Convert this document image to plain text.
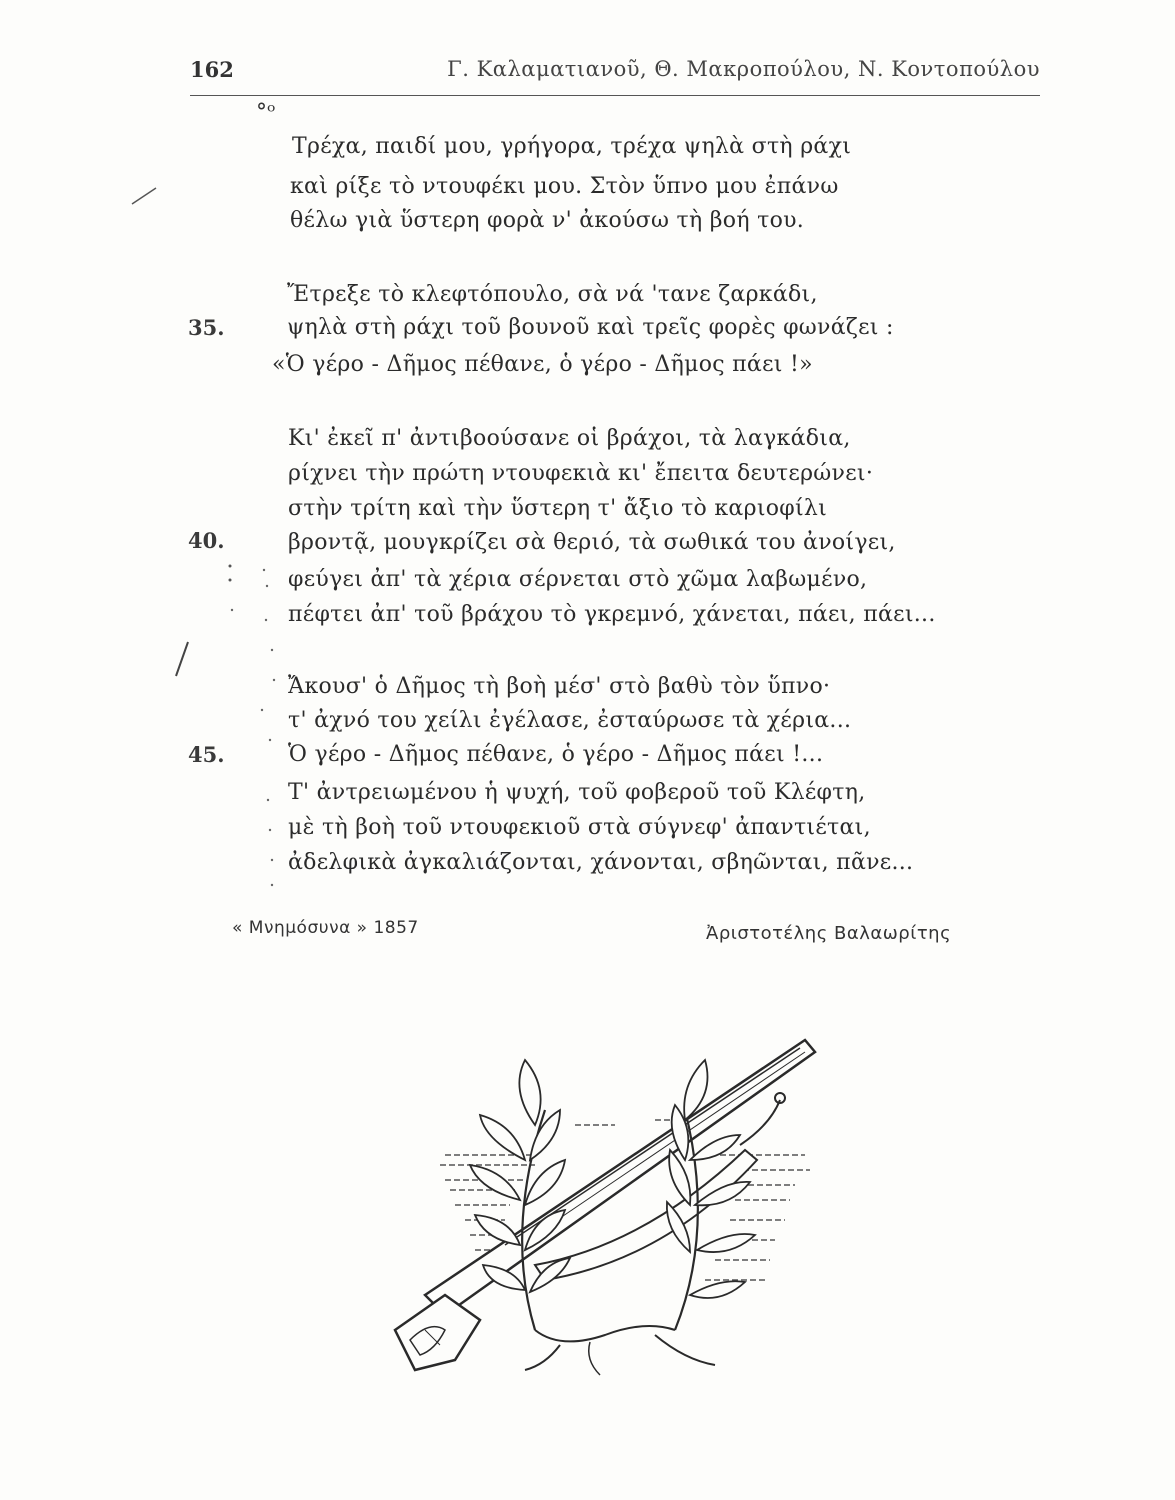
162	Γ. Καλαματιανοῦ, Θ. Μακροπούλου, Ν. Κοντοπούλου
°ᵒ
Τρέχα, παιδί μου, γρήγορα, τρέχα ψηλὰ στὴ ράχι
καὶ ρίξε τὸ ντουφέκι μου. Στὸν ὕπνο μου ἐπάνω
θέλω γιὰ ὕστερη φορὰ ν' ἀκούσω τὴ βοή του.
Ἔτρεξε τὸ κλεφτόπουλο, σὰ νά 'τανε ζαρκάδι,
35.	ψηλὰ στὴ ράχι τοῦ βουνοῦ καὶ τρεῖς φορὲς φωνάζει :
«Ὁ γέρο - Δῆμος πέθανε, ὁ γέρο - Δῆμος πάει !»
Κι' ἐκεῖ π' ἀντιβοούσανε οἱ βράχοι, τὰ λαγκάδια,
ρίχνει τὴν πρώτη ντουφεκιὰ κι' ἔπειτα δευτερώνει·
στὴν τρίτη καὶ τὴν ὕστερη τ' ἄξιο τὸ καριοφίλι
40.	βροντᾷ, μουγκρίζει σὰ θεριό, τὰ σωθικά του ἀνοίγει,
φεύγει ἀπ' τὰ χέρια σέρνεται στὸ χῶμα λαβωμένο,
πέφτει ἀπ' τοῦ βράχου τὸ γκρεμνό, χάνεται, πάει, πάει...
Ἄκουσ' ὁ Δῆμος τὴ βοὴ μέσ' στὸ βαθὺ τὸν ὕπνο·
τ' ἀχνό του χείλι ἐγέλασε, ἐσταύρωσε τὰ χέρια...
45.	Ὁ γέρο - Δῆμος πέθανε, ὁ γέρο - Δῆμος πάει !...
Τ' ἀντρειωμένου ἡ ψυχή, τοῦ φοβεροῦ τοῦ Κλέφτη,
μὲ τὴ βοὴ τοῦ ντουφεκιοῦ στὰ σύγνεφ' ἀπαντιέται,
ἀδελφικὰ ἀγκαλιάζονται, χάνονται, σβηῶνται, πᾶνε...
« Μνημόσυνα » 1857	Ἀριστοτέλης Βαλαωρίτης
